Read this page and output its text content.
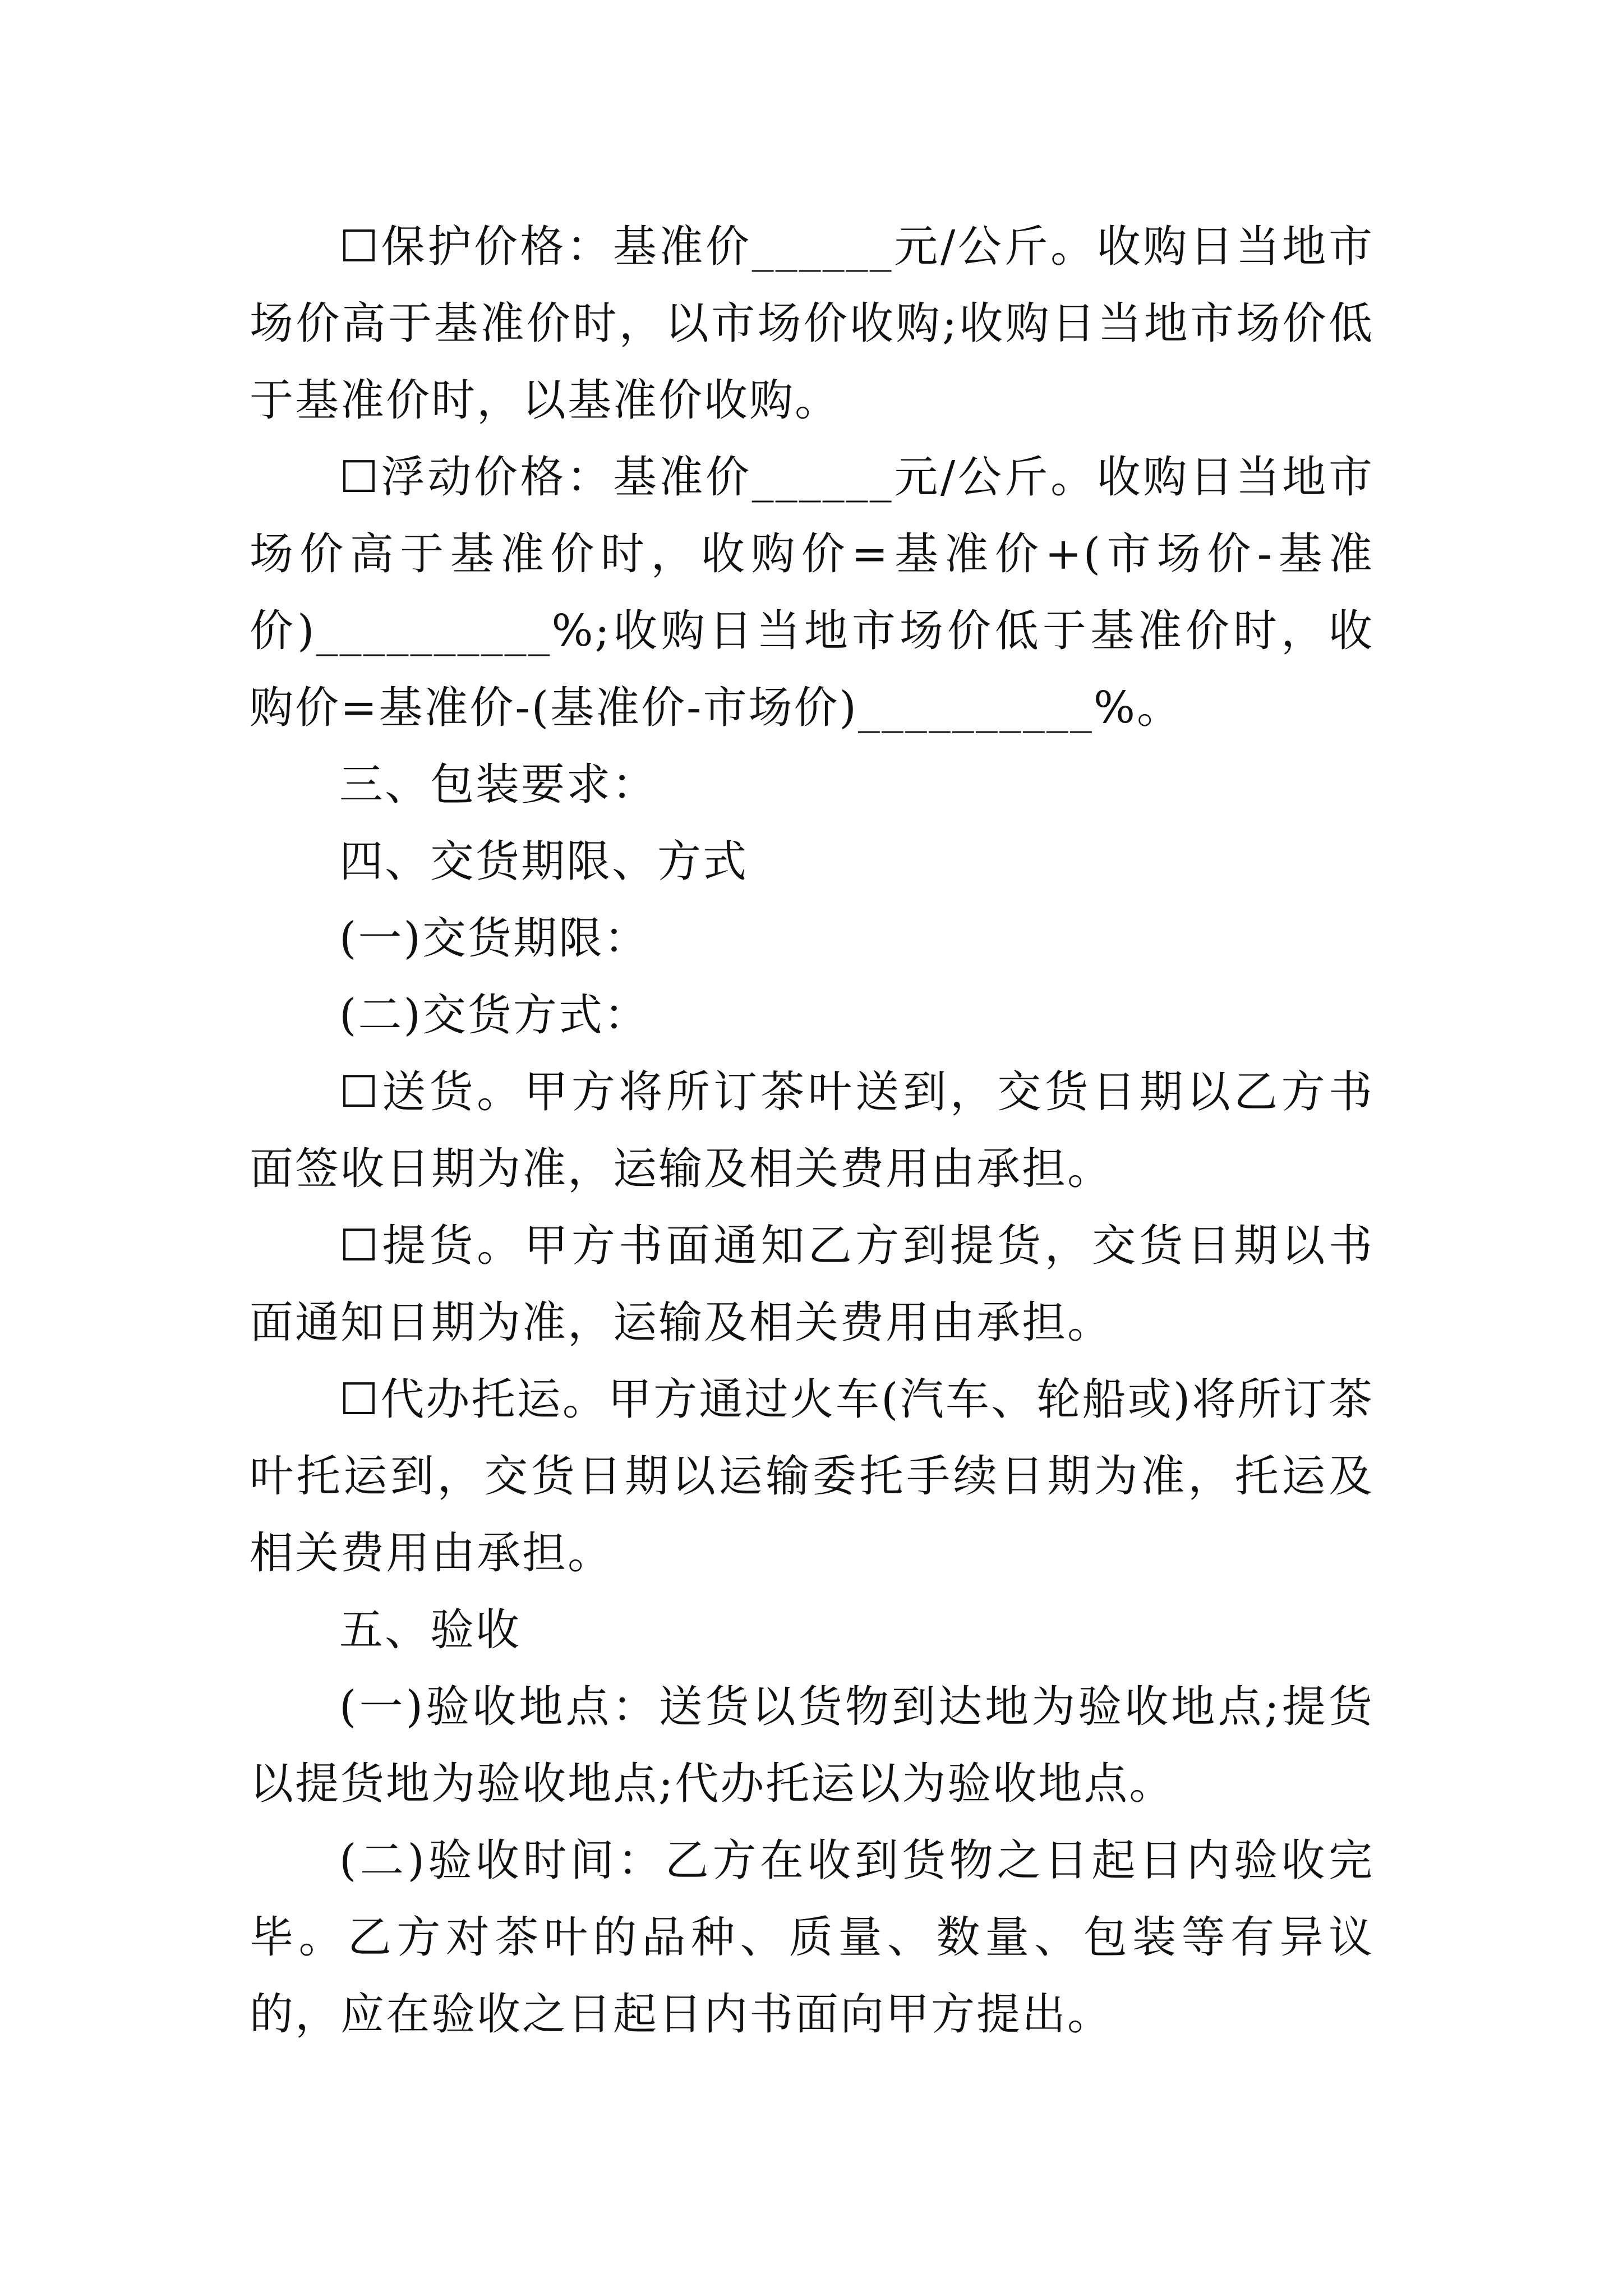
☐保护价格：基准价______元/公斤。收购日当地市场价高于基准价时，以市场价收购;收购日当地市场价低于基准价时，以基准价收购。

☐浮动价格：基准价______元/公斤。收购日当地市场价高于基准价时，收购价=基准价+(市场价-基准价)__________%;收购日当地市场价低于基准价时，收购价=基准价-(基准价-市场价)__________%。

三、包装要求：

四、交货期限、方式

(一)交货期限：

(二)交货方式：

☐送货。甲方将所订茶叶送到，交货日期以乙方书面签收日期为准，运输及相关费用由承担。

☐提货。甲方书面通知乙方到提货，交货日期以书面通知日期为准，运输及相关费用由承担。

☐代办托运。甲方通过火车(汽车、轮船或)将所订茶叶托运到，交货日期以运输委托手续日期为准，托运及相关费用由承担。

五、验收

(一)验收地点：送货以货物到达地为验收地点;提货以提货地为验收地点;代办托运以为验收地点。

(二)验收时间：乙方在收到货物之日起日内验收完毕。乙方对茶叶的品种、质量、数量、包装等有异议的，应在验收之日起日内书面向甲方提出。
